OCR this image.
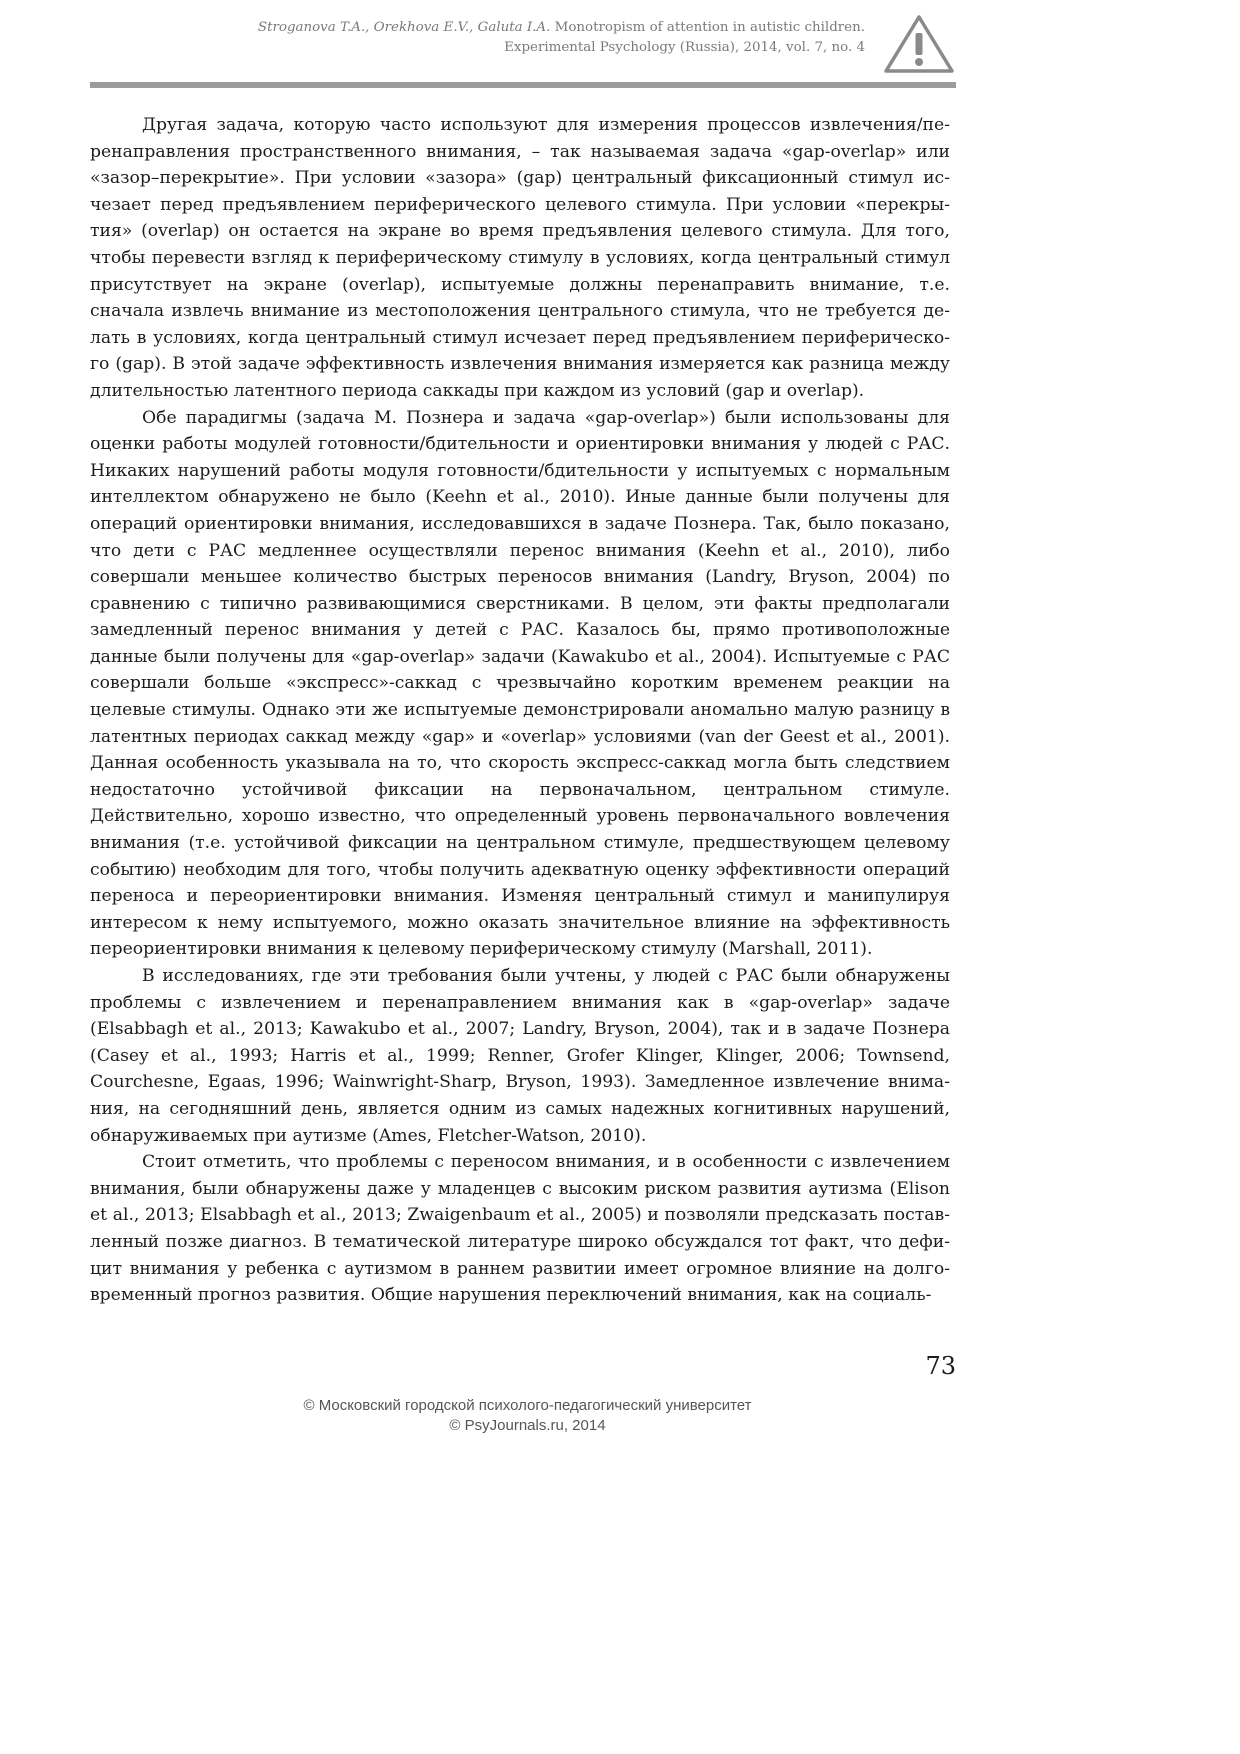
Stroganova T.A., Orekhova E.V., Galuta I.A. Monotropism of attention in autistic children.
Experimental Psychology (Russia), 2014, vol. 7, no. 4

Другая задача, которую часто используют для измерения процессов извлечения/перенаправления пространственного внимания, – так называемая задача «gap-overlap» или «зазор–перекрытие». При условии «зазора» (gap) центральный фиксационный стимул исчезает перед предъявлением периферического целевого стимула. При условии «перекрытия» (overlap) он остается на экране во время предъявления целевого стимула. Для того, чтобы перевести взгляд к периферическому стимулу в условиях, когда центральный стимул присутствует на экране (overlap), испытуемые должны перенаправить внимание, т.е. сначала извлечь внимание из местоположения центрального стимула, что не требуется делать в условиях, когда центральный стимул исчезает перед предъявлением периферического (gap). В этой задаче эффективность извлечения внимания измеряется как разница между длительностью латентного периода саккады при каждом из условий (gap и overlap).

Обе парадигмы (задача М. Познера и задача «gap-overlap») были использованы для оценки работы модулей готовности/бдительности и ориентировки внимания у людей с РАС. Никаких нарушений работы модуля готовности/бдительности у испытуемых с нормальным интеллектом обнаружено не было (Keehn et al., 2010). Иные данные были получены для операций ориентировки внимания, исследовавшихся в задаче Познера. Так, было показано, что дети с РАС медленнее осуществляли перенос внимания (Keehn et al., 2010), либо совершали меньшее количество быстрых переносов внимания (Landry, Bryson, 2004) по сравнению с типично развивающимися сверстниками. В целом, эти факты предполагали замедленный перенос внимания у детей с РАС. Казалось бы, прямо противоположные данные были получены для «gap-overlap» задачи (Kawakubo et al., 2004). Испытуемые с РАС совершали больше «экспресс»-саккад с чрезвычайно коротким временем реакции на целевые стимулы. Однако эти же испытуемые демонстрировали аномально малую разницу в латентных периодах саккад между «gap» и «overlap» условиями (van der Geest et al., 2001). Данная особенность указывала на то, что скорость экспресс-саккад могла быть следствием недостаточно устойчивой фиксации на первоначальном, центральном стимуле. Действительно, хорошо известно, что определенный уровень первоначального вовлечения внимания (т.е. устойчивой фиксации на центральном стимуле, предшествующем целевому событию) необходим для того, чтобы получить адекватную оценку эффективности операций переноса и переориентировки внимания. Изменяя центральный стимул и манипулируя интересом к нему испытуемого, можно оказать значительное влияние на эффективность переориентировки внимания к целевому периферическому стимулу (Marshall, 2011).

В исследованиях, где эти требования были учтены, у людей с РАС были обнаружены проблемы с извлечением и перенаправлением внимания как в «gap-overlap» задаче (Elsabbagh et al., 2013; Kawakubo et al., 2007; Landry, Bryson, 2004), так и в задаче Познера (Casey et al., 1993; Harris et al., 1999; Renner, Grofer Klinger, Klinger, 2006; Townsend, Courchesne, Egaas, 1996; Wainwright-Sharp, Bryson, 1993). Замедленное извлечение внимания, на сегодняшний день, является одним из самых надежных когнитивных нарушений, обнаруживаемых при аутизме (Ames, Fletcher-Watson, 2010).

Стоит отметить, что проблемы с переносом внимания, и в особенности с извлечением внимания, были обнаружены даже у младенцев с высоким риском развития аутизма (Elison et al., 2013; Elsabbagh et al., 2013; Zwaigenbaum et al., 2005) и позволяли предсказать поставленный позже диагноз. В тематической литературе широко обсуждался тот факт, что дефицит внимания у ребенка с аутизмом в раннем развитии имеет огромное влияние на долговременный прогноз развития. Общие нарушения переключений внимания, как на социаль-

73
© Московский городской психолого-педагогический университет
© PsyJournals.ru, 2014
